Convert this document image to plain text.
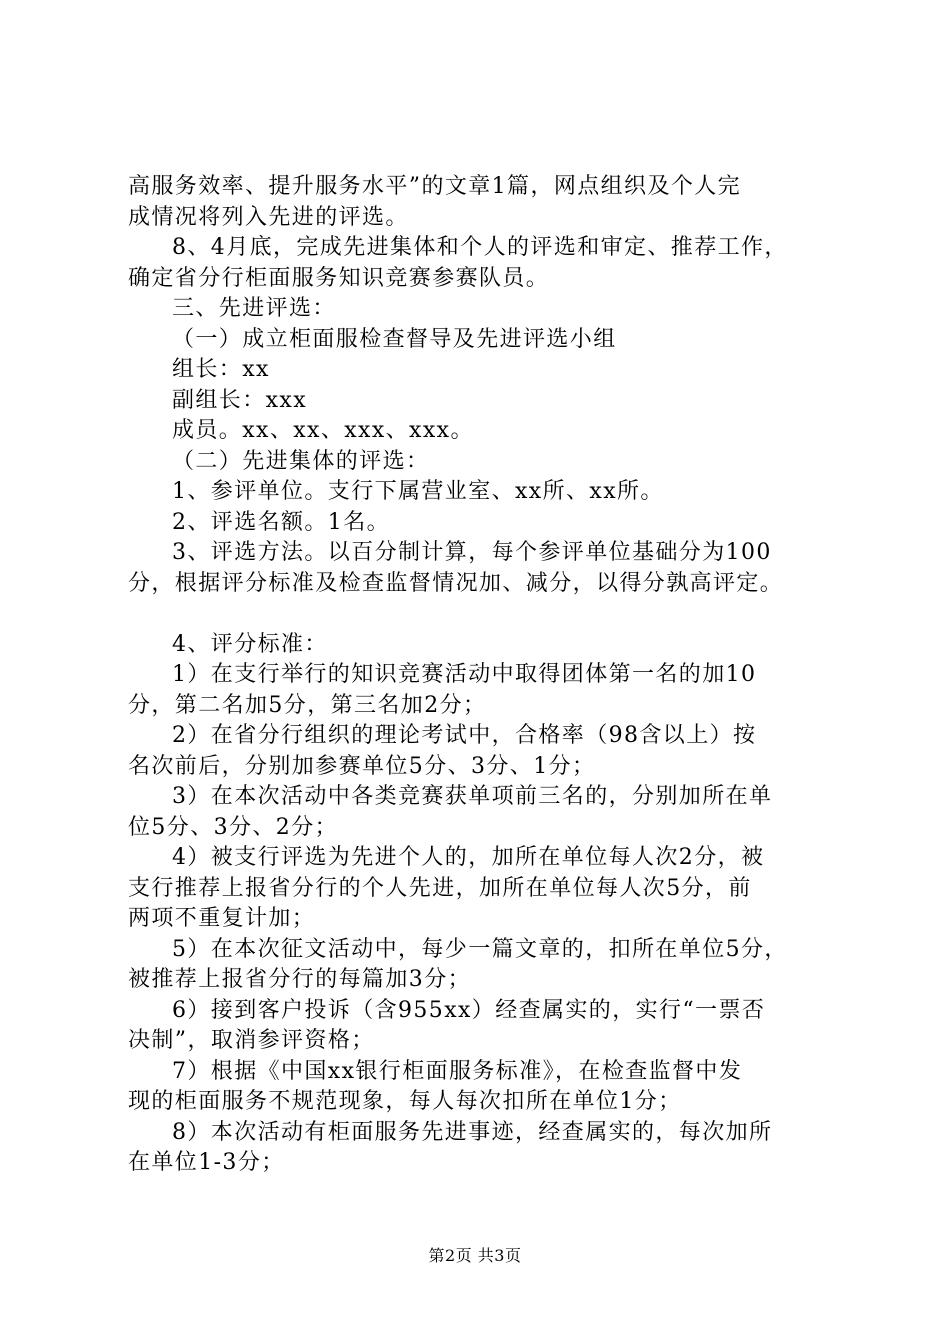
高服务效率、提升服务水平”的文章1篇，网点组织及个人完
成情况将列入先进的评选。
8、4月底，完成先进集体和个人的评选和审定、推荐工作，
确定省分行柜面服务知识竞赛参赛队员。
三、先进评选：
（一）成立柜面服检查督导及先进评选小组
组长：xx
副组长：xxx
成员。xx、xx、xxx、xxx。
（二）先进集体的评选：
1、参评单位。支行下属营业室、xx所、xx所。
2、评选名额。1名。
3、评选方法。以百分制计算，每个参评单位基础分为100
分，根据评分标准及检查监督情况加、减分，以得分孰高评定。
4、评分标准：
1）在支行举行的知识竞赛活动中取得团体第一名的加10
分，第二名加5分，第三名加2分；
2）在省分行组织的理论考试中，合格率（98含以上）按
名次前后，分别加参赛单位5分、3分、1分；
3）在本次活动中各类竞赛获单项前三名的，分别加所在单
位5分、3分、2分；
4）被支行评选为先进个人的，加所在单位每人次2分，被
支行推荐上报省分行的个人先进，加所在单位每人次5分，前
两项不重复计加；
5）在本次征文活动中，每少一篇文章的，扣所在单位5分，
被推荐上报省分行的每篇加3分；
6）接到客户投诉（含955xx）经查属实的，实行“一票否
决制”，取消参评资格；
7）根据《中国xx银行柜面服务标准》，在检查监督中发
现的柜面服务不规范现象，每人每次扣所在单位1分；
8）本次活动有柜面服务先进事迹，经查属实的，每次加所
在单位1-3分；
第2页 共3页
